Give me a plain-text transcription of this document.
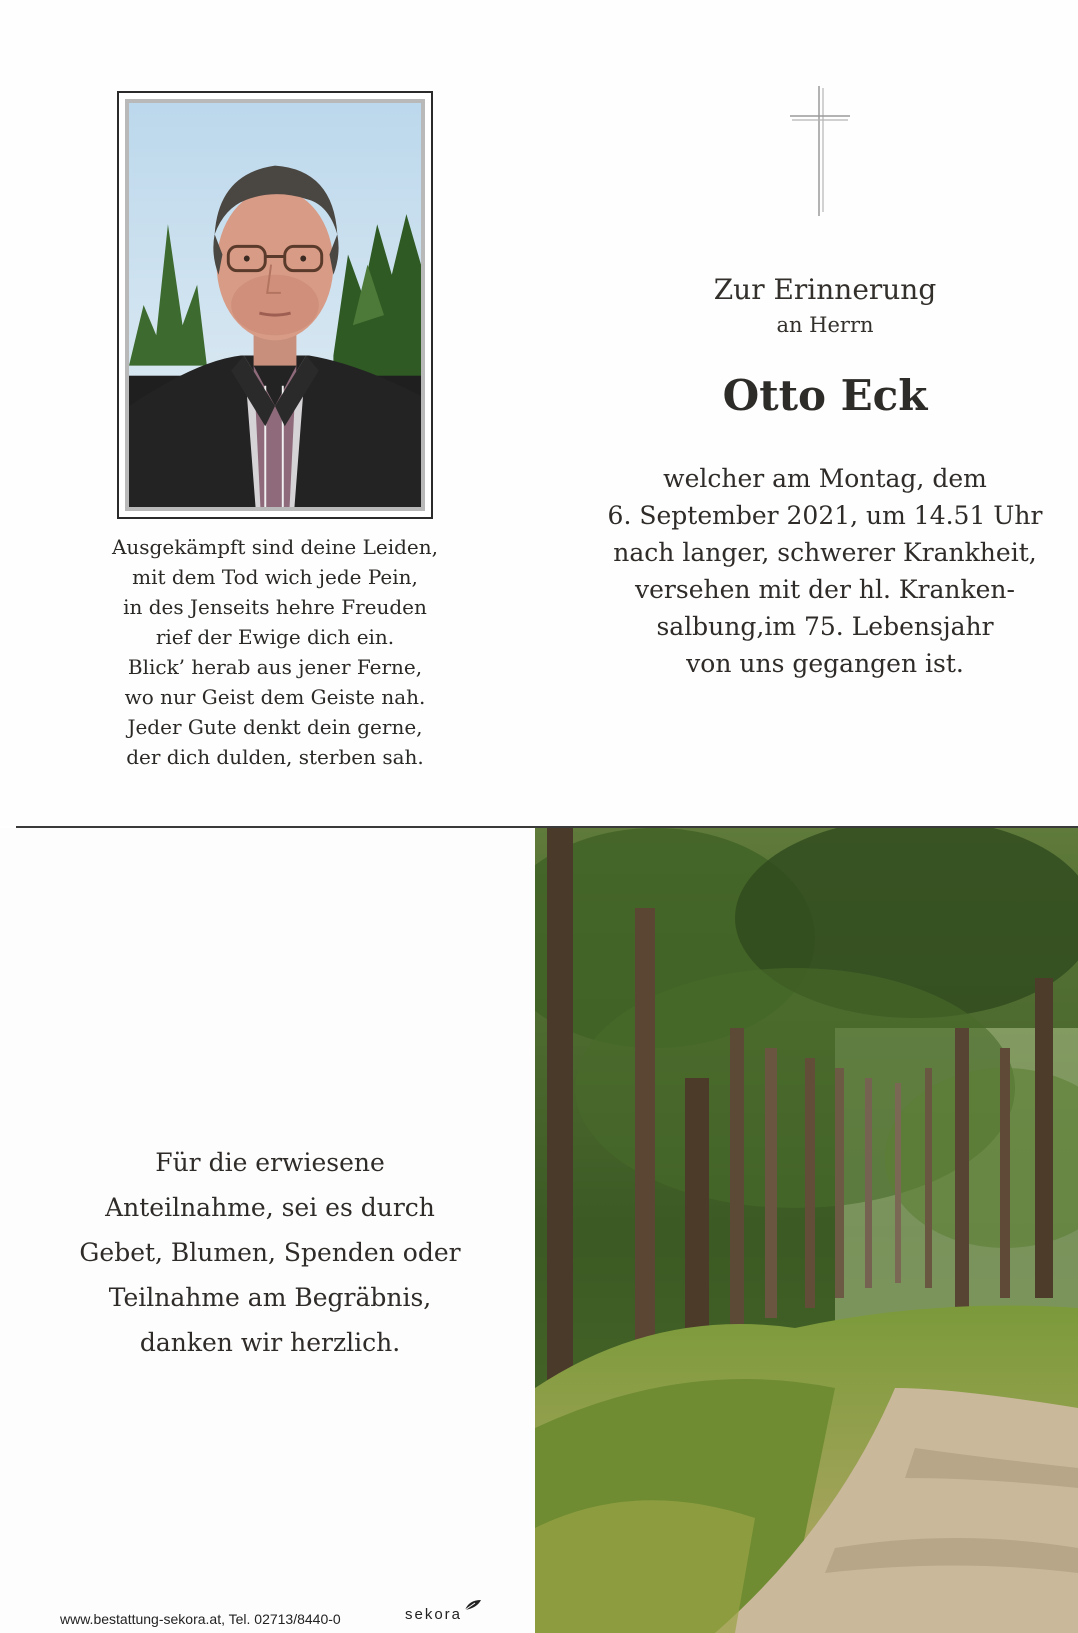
Ausgekämpft sind deine Leiden,
mit dem Tod wich jede Pein,
in des Jenseits hehre Freuden
rief der Ewige dich ein.
Blick’ herab aus jener Ferne,
wo nur Geist dem Geiste nah.
Jeder Gute denkt dein gerne,
der dich dulden, sterben sah.
Zur Erinnerung
an Herrn
Otto Eck
welcher am Montag, dem
6. September 2021, um 14.51 Uhr
nach langer, schwerer Krankheit,
versehen mit der hl. Kranken-
salbung,im 75. Lebensjahr
von uns gegangen ist.
Für die erwiesene
Anteilnahme, sei es durch
Gebet, Blumen, Spenden oder
Teilnahme am Begräbnis,
danken wir herzlich.
www.bestattung-sekora.at, Tel. 02713/8440-0	sekora
